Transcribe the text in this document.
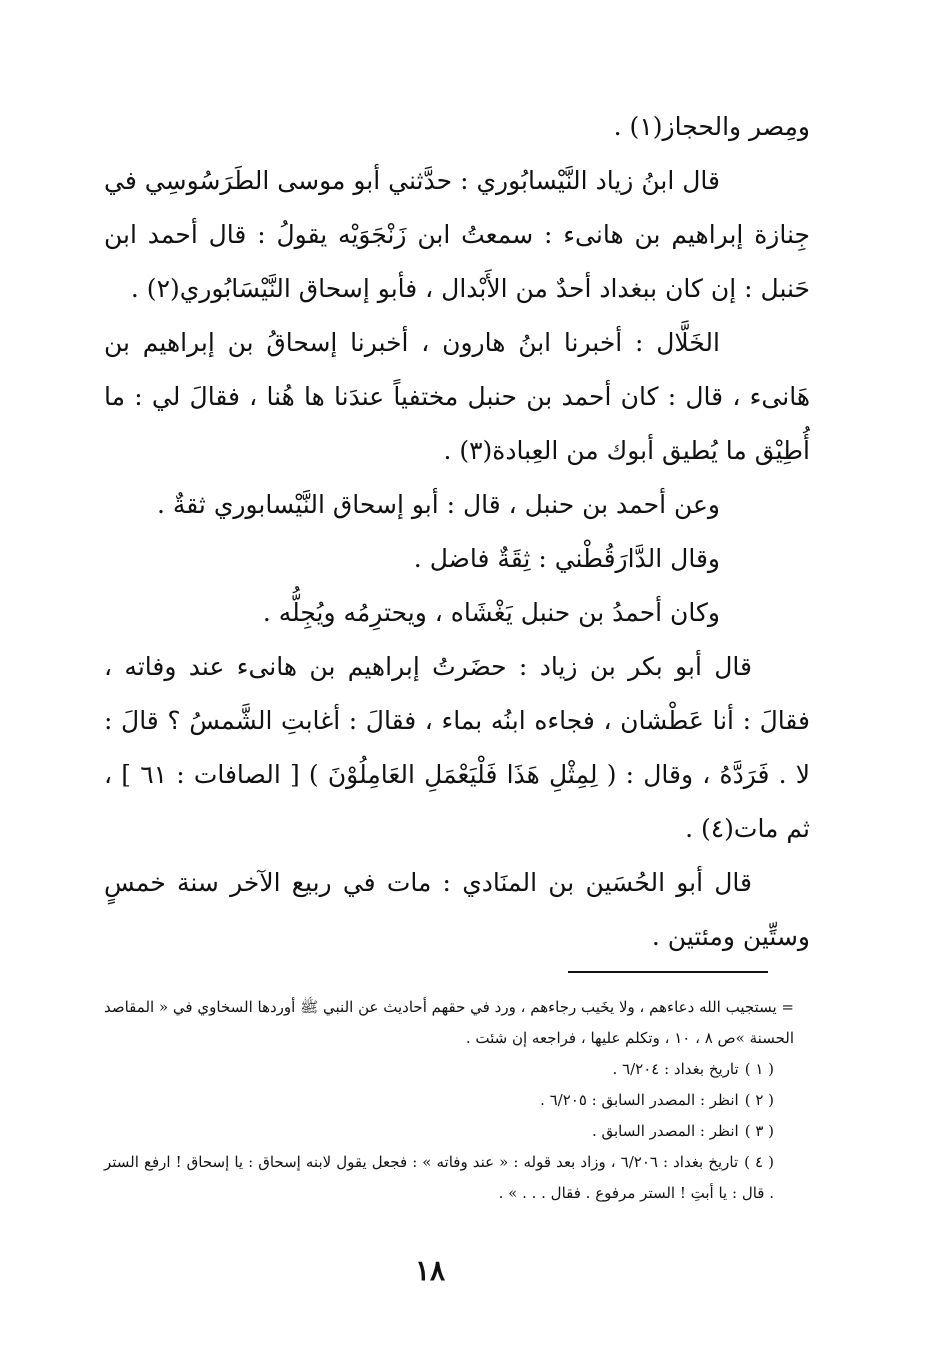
ومِصر والحجاز(١) .

قال ابنُ زياد النَّيْسابُوري : حدَّثني أبو موسى الطَرَسُوسِي في جِنازة إبراهيم بن هانىء : سمعتُ ابن زَنْجَوَيْه يقولُ : قال أحمد ابن حَنبل : إن كان ببغداد أحدٌ من الأَبْدال ، فأبو إسحاق النَّيْسَابُوري(٢) .

الخَلَّال : أخبرنا ابنُ هارون ، أخبرنا إسحاقُ بن إبراهيم بن هَانىء ، قال : كان أحمد بن حنبل مختفياً عندَنا ها هُنا ، فقالَ لي : ما أُطِيْق ما يُطيق أبوك من العِبادة(٣) .

وعن أحمد بن حنبل ، قال : أبو إسحاق النَّيْسابوري ثقةٌ .

وقال الدَّارَقُطْني : ثِقَةٌ فاضل .

وكان أحمدُ بن حنبل يَغْشَاه ، ويحترِمُه ويُجِلُّه .

قال أبو بكر بن زياد : حضَرتُ إبراهيم بن هانىء عند وفاته ، فقالَ : أنا عَطْشان ، فجاءه ابنُه بماء ، فقالَ : أغابتِ الشَّمسُ ؟ قالَ : لا . فَرَدَّهُ ، وقال : ( لِمِثْلِ هَذَا فَلْيَعْمَلِ العَامِلُوْنَ ) [ الصافات : ٦١ ] ، ثم مات(٤) .

قال أبو الحُسَين بن المنَادي : مات في ربيع الآخر سنة خمسٍ وستِّين ومئتين .

= يستجيب الله دعاءهم ، ولا يخَيب رجاءهم ، ورد في حقهم أحاديث عن النبي ﷺ أوردها السخاوي في « المقاصد الحسنة »ص ٨ ، ١٠ ، وتكلم عليها ، فراجعه إن شئت .

( ١ )تاريخ بغداد : ٦/٢٠٤ .

( ٢ )انظر : المصدر السابق : ٦/٢٠٥ .

( ٣ )انظر : المصدر السابق .

( ٤ )تاريخ بغداد : ٦/٢٠٦ ، وزاد بعد قوله : « عند وفاته » : فجعل يقول لابنه إسحاق : يا إسحاق ! ارفع الستر . قال : يا أبتِ ! الستر مرفوع . فقال . . . » .

١٨
